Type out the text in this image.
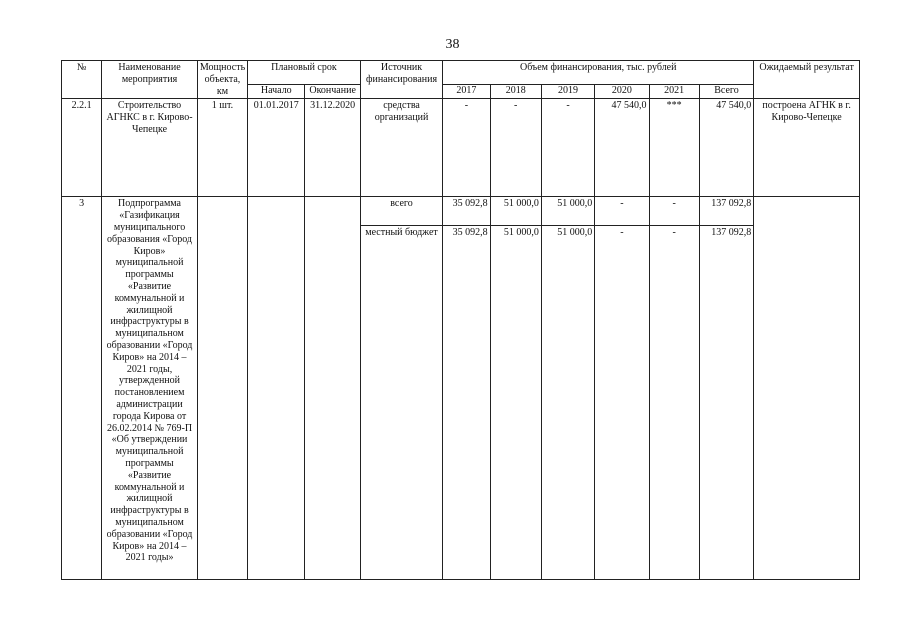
38
№	Наименование мероприятия	Мощность объекта, км	Плановый срок		Источник финансирования	Объем финансирования, тыс. рублей						Ожидаемый результат
			Начало	Окончание		2017	2018	2019	2020	2021	Всего	
2.2.1	Строительство АГНКС в г. Кирово-Чепецке	1 шт.	01.01.2017	31.12.2020	средства организаций	-	-	-	47 540,0	***	47 540,0	построена АГНК в г. Кирово-Чепецке
3	Подпрограмма «Газификация муниципального образования «Город Киров» муниципальной программы «Развитие коммунальной и жилищной инфраструктуры в муниципальном образовании «Город Киров» на 2014 – 2021 годы, утвержденной постановлением администрации города Кирова от 26.02.2014 № 769-П «Об утверждении муниципальной программы «Развитие коммунальной и жилищной инфраструктуры в муниципальном образовании «Город Киров» на 2014 – 2021 годы»				всего	35 092,8	51 000,0	51 000,0	-	-	137 092,8	
					местный бюджет	35 092,8	51 000,0	51 000,0	-	-	137 092,8	
